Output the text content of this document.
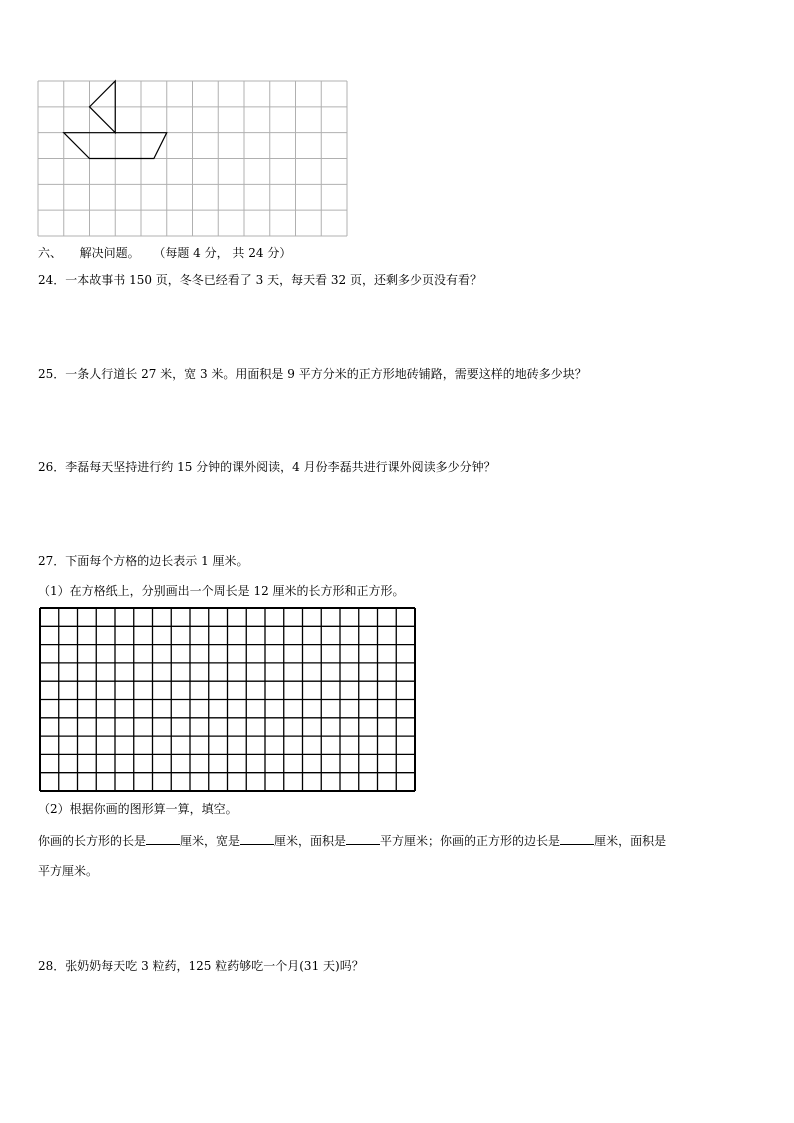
六、 解决问题。 （每题 4 分， 共 24 分）
24．一本故事书 150 页，冬冬已经看了 3 天，每天看 32 页，还剩多少页没有看？
25．一条人行道长 27 米，宽 3 米。用面积是 9 平方分米的正方形地砖铺路，需要这样的地砖多少块？
26．李磊每天坚持进行约 15 分钟的课外阅读，4 月份李磊共进行课外阅读多少分钟？
27．下面每个方格的边长表示 1 厘米。
（1）在方格纸上，分别画出一个周长是 12 厘米的长方形和正方形。
（2）根据你画的图形算一算，填空。
你画的长方形的长是	厘米，宽是	厘米，面积是	平方厘米；你画的正方形的边长是	厘米，面积是
平方厘米。
28．张奶奶每天吃 3 粒药，125 粒药够吃一个月(31 天)吗？
